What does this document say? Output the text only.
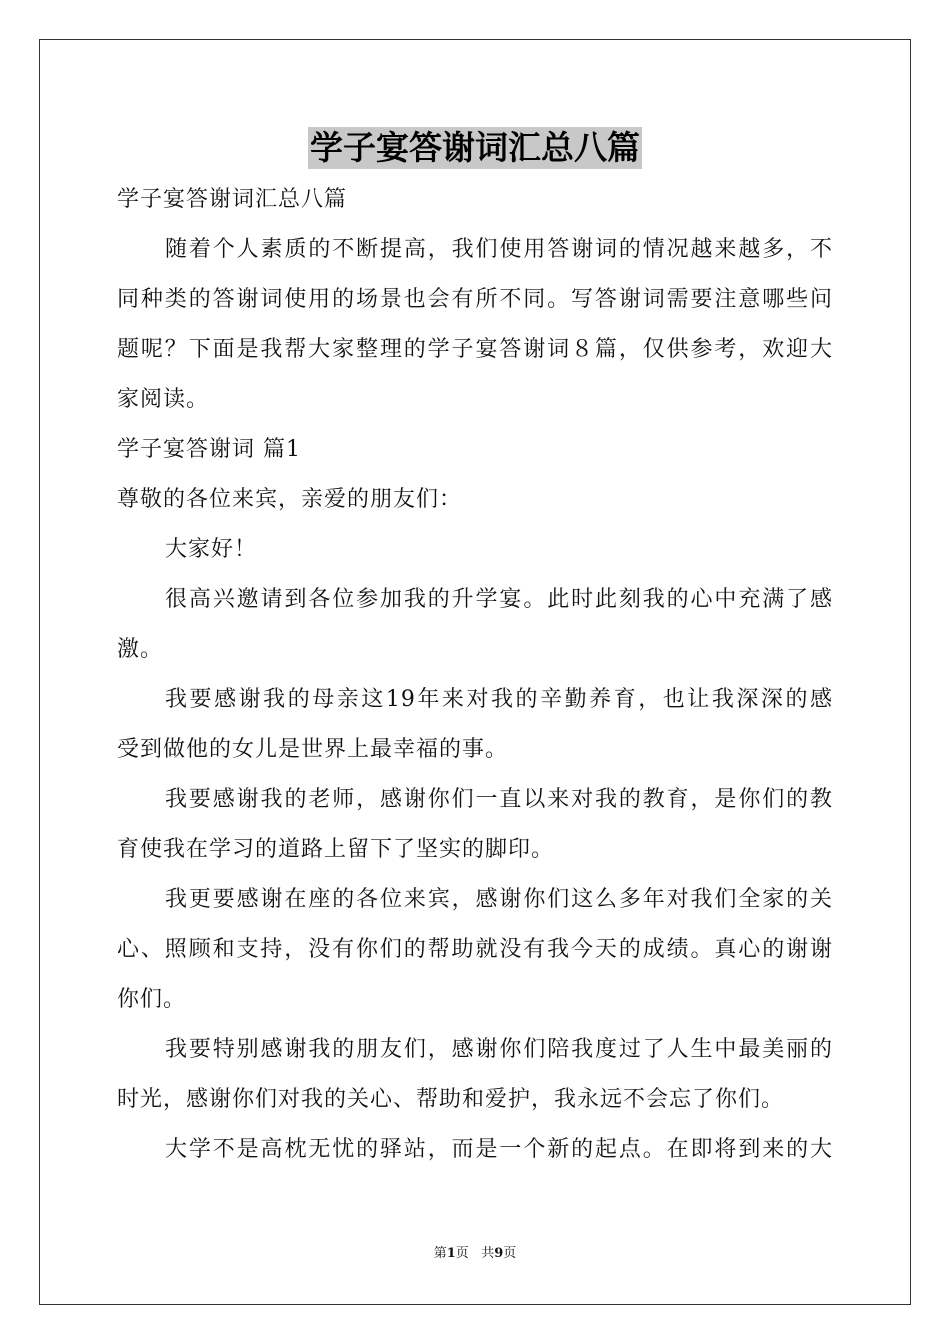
学子宴答谢词汇总八篇
学子宴答谢词汇总八篇
随着个人素质的不断提高，我们使用答谢词的情况越来越多，不
同种类的答谢词使用的场景也会有所不同。写答谢词需要注意哪些问
题呢？下面是我帮大家整理的学子宴答谢词８篇，仅供参考，欢迎大
家阅读。
学子宴答谢词 篇1
尊敬的各位来宾，亲爱的朋友们：
大家好！
很高兴邀请到各位参加我的升学宴。此时此刻我的心中充满了感
激。
我要感谢我的母亲这19年来对我的辛勤养育，也让我深深的感
受到做他的女儿是世界上最幸福的事。
我要感谢我的老师，感谢你们一直以来对我的教育，是你们的教
育使我在学习的道路上留下了坚实的脚印。
我更要感谢在座的各位来宾，感谢你们这么多年对我们全家的关
心、照顾和支持，没有你们的帮助就没有我今天的成绩。真心的谢谢
你们。
我要特别感谢我的朋友们，感谢你们陪我度过了人生中最美丽的
时光，感谢你们对我的关心、帮助和爱护，我永远不会忘了你们。
大学不是高枕无忧的驿站，而是一个新的起点。在即将到来的大
第1页 共9页
